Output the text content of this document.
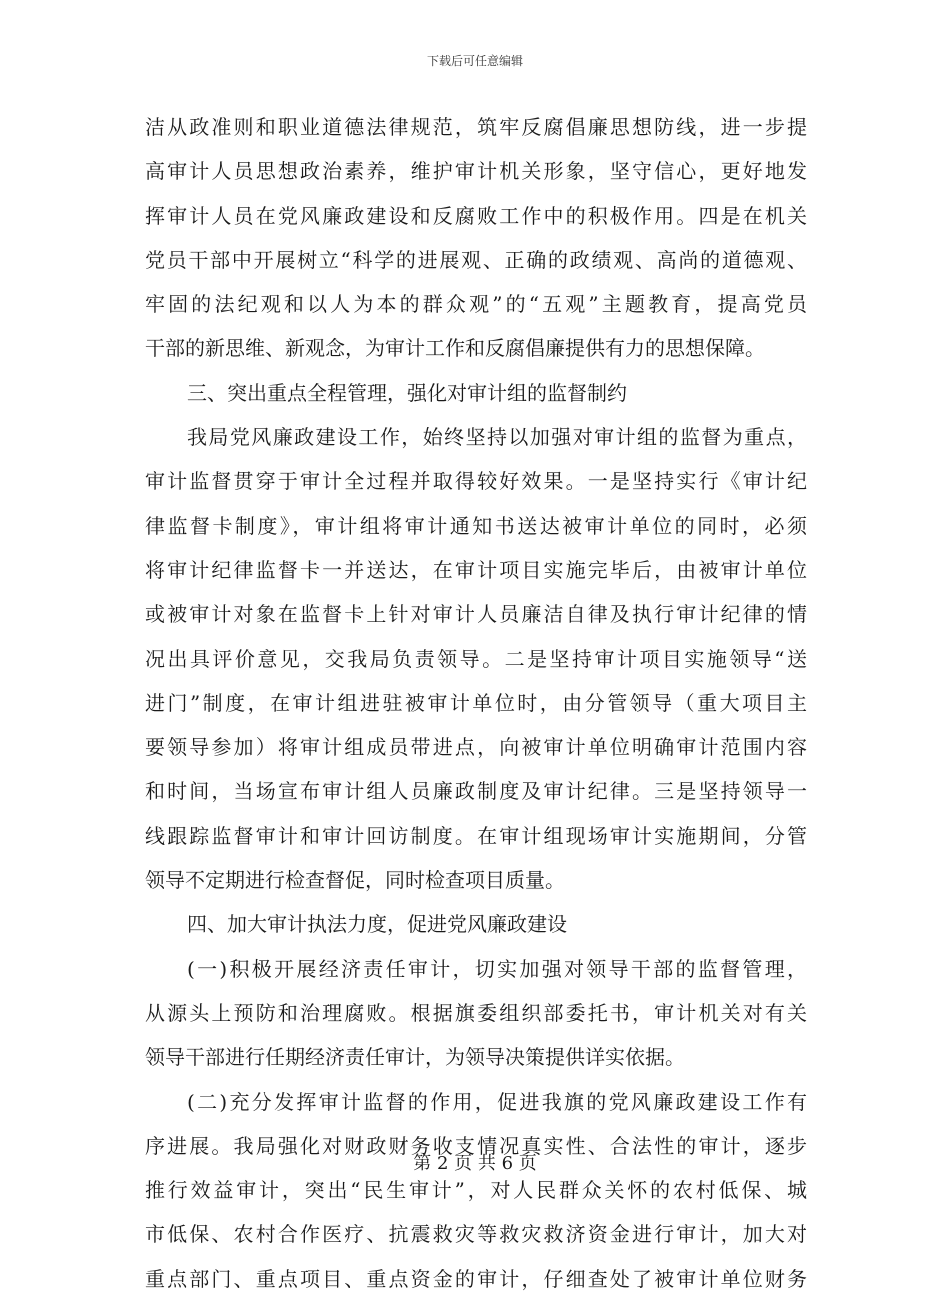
下载后可任意编辑
洁从政准则和职业道德法律规范，筑牢反腐倡廉思想防线，进一步提
高审计人员思想政治素养，维护审计机关形象，坚守信心，更好地发
挥审计人员在党风廉政建设和反腐败工作中的积极作用。四是在机关
党员干部中开展树立“科学的进展观、正确的政绩观、高尚的道德观、
牢固的法纪观和以人为本的群众观”的“五观”主题教育，提高党员
干部的新思维、新观念，为审计工作和反腐倡廉提供有力的思想保障。
三、突出重点全程管理，强化对审计组的监督制约
我局党风廉政建设工作，始终坚持以加强对审计组的监督为重点，
审计监督贯穿于审计全过程并取得较好效果。一是坚持实行《审计纪
律监督卡制度》，审计组将审计通知书送达被审计单位的同时，必须
将审计纪律监督卡一并送达，在审计项目实施完毕后，由被审计单位
或被审计对象在监督卡上针对审计人员廉洁自律及执行审计纪律的情
况出具评价意见，交我局负责领导。二是坚持审计项目实施领导“送
进门”制度，在审计组进驻被审计单位时，由分管领导（重大项目主
要领导参加）将审计组成员带进点，向被审计单位明确审计范围内容
和时间，当场宣布审计组人员廉政制度及审计纪律。三是坚持领导一
线跟踪监督审计和审计回访制度。在审计组现场审计实施期间，分管
领导不定期进行检查督促，同时检查项目质量。
四、加大审计执法力度，促进党风廉政建设
(一)积极开展经济责任审计，切实加强对领导干部的监督管理，
从源头上预防和治理腐败。根据旗委组织部委托书，审计机关对有关
领导干部进行任期经济责任审计，为领导决策提供详实依据。
(二)充分发挥审计监督的作用，促进我旗的党风廉政建设工作有
序进展。我局强化对财政财务收支情况真实性、合法性的审计，逐步
推行效益审计，突出“民生审计”，对人民群众关怀的农村低保、城
市低保、农村合作医疗、抗震救灾等救灾救济资金进行审计，加大对
重点部门、重点项目、重点资金的审计，仔细查处了被审计单位财务
第 2 页 共 6 页
